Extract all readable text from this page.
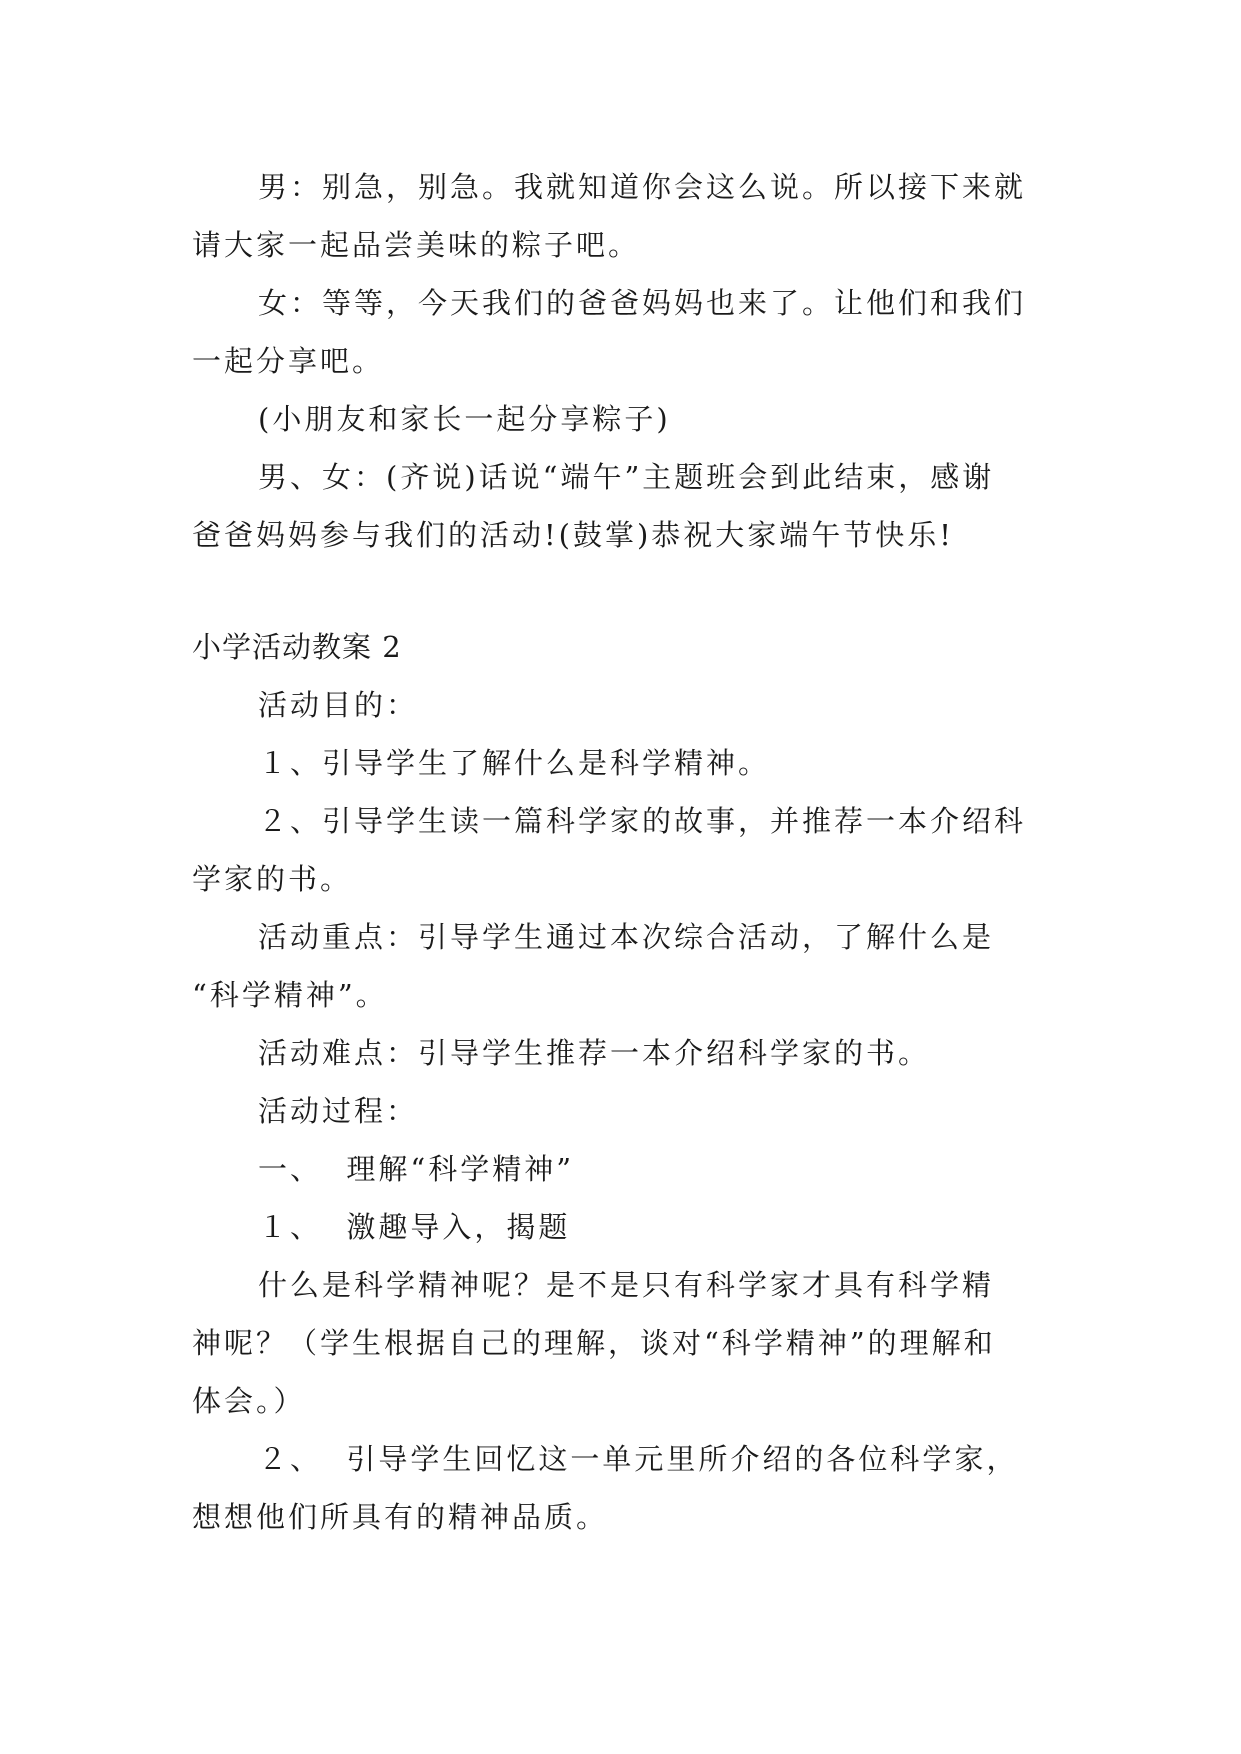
男：别急，别急。我就知道你会这么说。所以接下来就
请大家一起品尝美味的粽子吧。
女：等等，今天我们的爸爸妈妈也来了。让他们和我们
一起分享吧。
(小朋友和家长一起分享粽子)
男、女：(齐说)话说“端午”主题班会到此结束，感谢
爸爸妈妈参与我们的活动!(鼓掌)恭祝大家端午节快乐!
小学活动教案 2
活动目的：
１、引导学生了解什么是科学精神。
２、引导学生读一篇科学家的故事，并推荐一本介绍科
学家的书。
活动重点：引导学生通过本次综合活动，了解什么是
“科学精神”。
活动难点：引导学生推荐一本介绍科学家的书。
活动过程：
一、  理解“科学精神”
１、  激趣导入，揭题
什么是科学精神呢？是不是只有科学家才具有科学精
神呢？（学生根据自己的理解，谈对“科学精神”的理解和
体会。）
２、  引导学生回忆这一单元里所介绍的各位科学家，
想想他们所具有的精神品质。
